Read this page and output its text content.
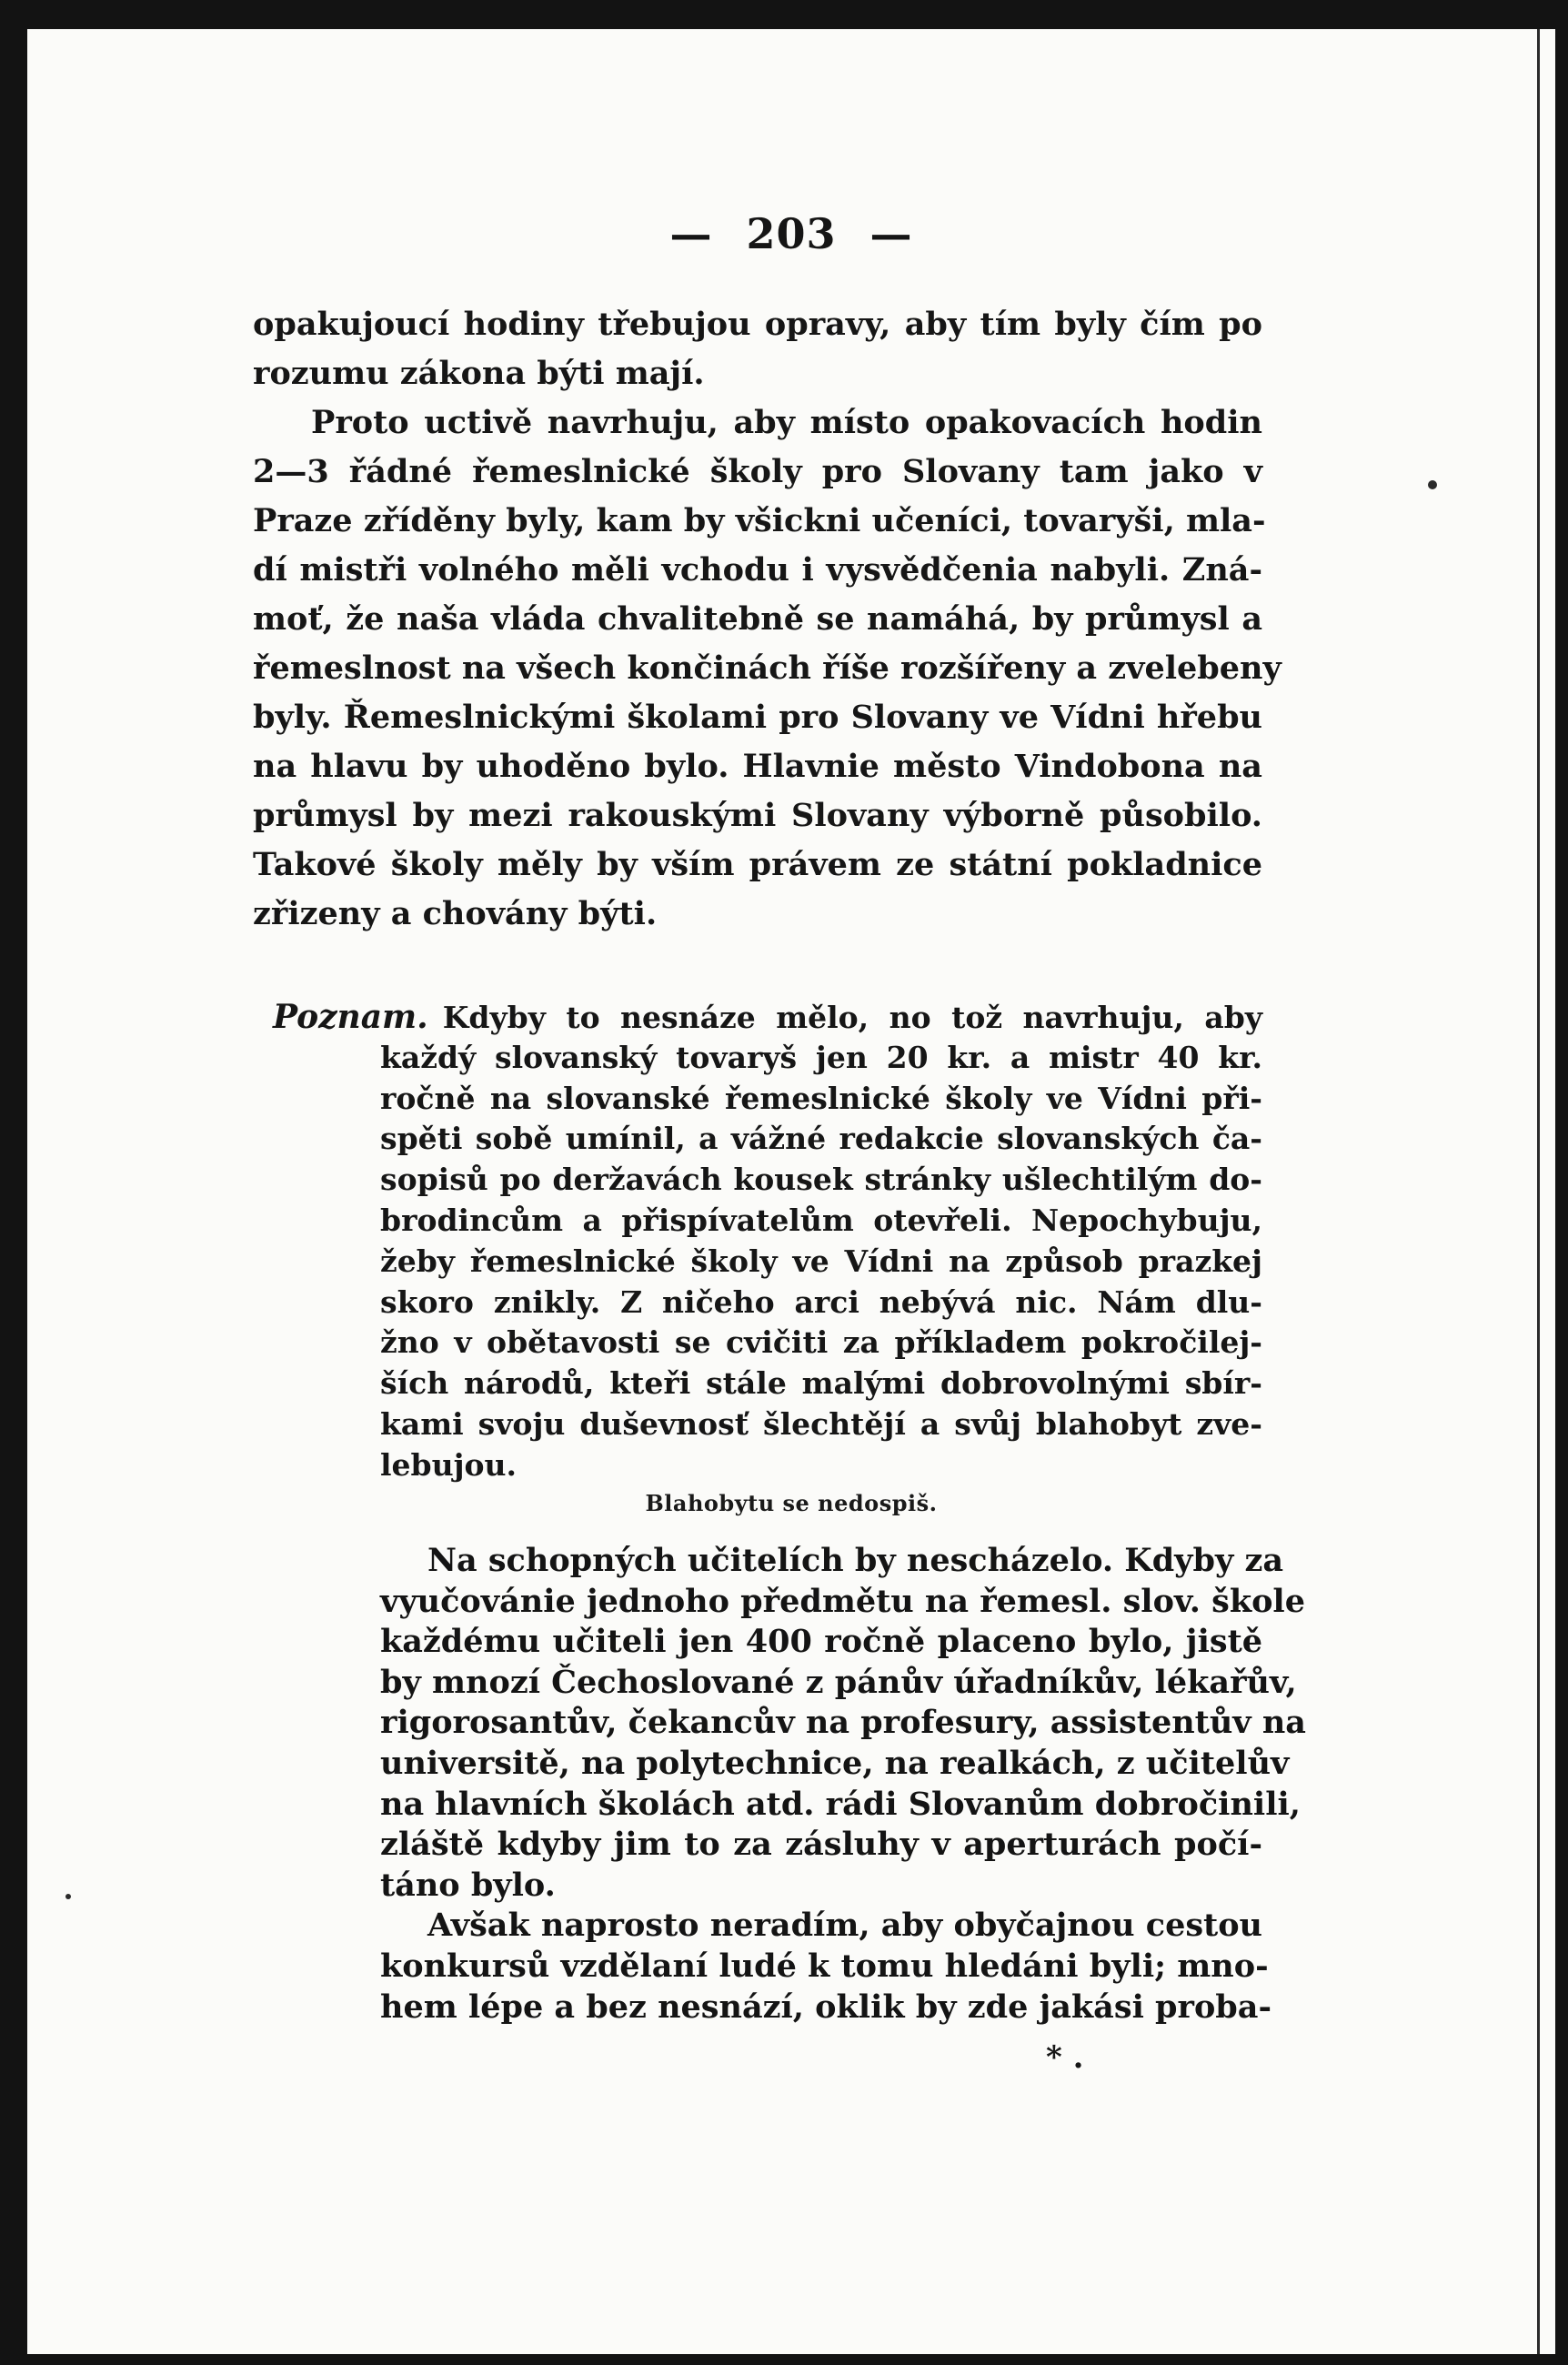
— 203 —
opakujoucí hodiny třebujou opravy, aby tím byly čím po
rozumu zákona býti mají.
Proto uctivě navrhuju, aby místo opakovacích hodin
2—3 řádné řemeslnické školy pro Slovany tam jako v
Praze zříděny byly, kam by všickni učeníci, tovaryši, mla-
dí mistři volného měli vchodu i vysvědčenia nabyli. Zná-
moť, že naša vláda chvalitebně se namáhá, by průmysl a
řemeslnost na všech končinách říše rozšířeny a zvelebeny
byly. Řemeslnickými školami pro Slovany ve Vídni hřebu
na hlavu by uhoděno bylo. Hlavnie město Vindobona na
průmysl by mezi rakouskými Slovany výborně působilo.
Takové školy měly by vším právem ze státní pokladnice
zřizeny a chovány býti.
Poznam. Kdyby to nesnáze mělo, no tož navrhuju, aby
každý slovanský tovaryš jen 20 kr. a mistr 40 kr.
ročně na slovanské řemeslnické školy ve Vídni při-
spěti sobě umínil, a vážné redakcie slovanských ča-
sopisů po deržavách kousek stránky ušlechtilým do-
brodincům a přispívatelům otevřeli. Nepochybuju,
žeby řemeslnické školy ve Vídni na způsob prazkej
skoro znikly. Z ničeho arci nebývá nic. Nám dlu-
žno v obětavosti se cvičiti za příkladem pokročilej-
ších národů, kteři stále malými dobrovolnými sbír-
kami svoju duševnosť šlechtějí a svůj blahobyt zve-
lebujou.
Blahobytu se nedospiš.
Na schopných učitelích by nescházelo. Kdyby za
vyučovánie jednoho předmětu na řemesl. slov. škole
každému učiteli jen 400 ročně placeno bylo, jistě
by mnozí Čechoslované z pánův úřadníkův, lékařův,
rigorosantův, čekancův na profesury, assistentův na
universitě, na polytechnice, na realkách, z učitelův
na hlavních školách atd. rádi Slovanům dobročinili,
zláště kdyby jim to za zásluhy v aperturách počí-
táno bylo.
Avšak naprosto neradím, aby obyčajnou cestou
konkursů vzdělaní ludé k tomu hledáni byli; mno-
hem lépe a bez nesnází, oklik by zde jakási proba-
* .
